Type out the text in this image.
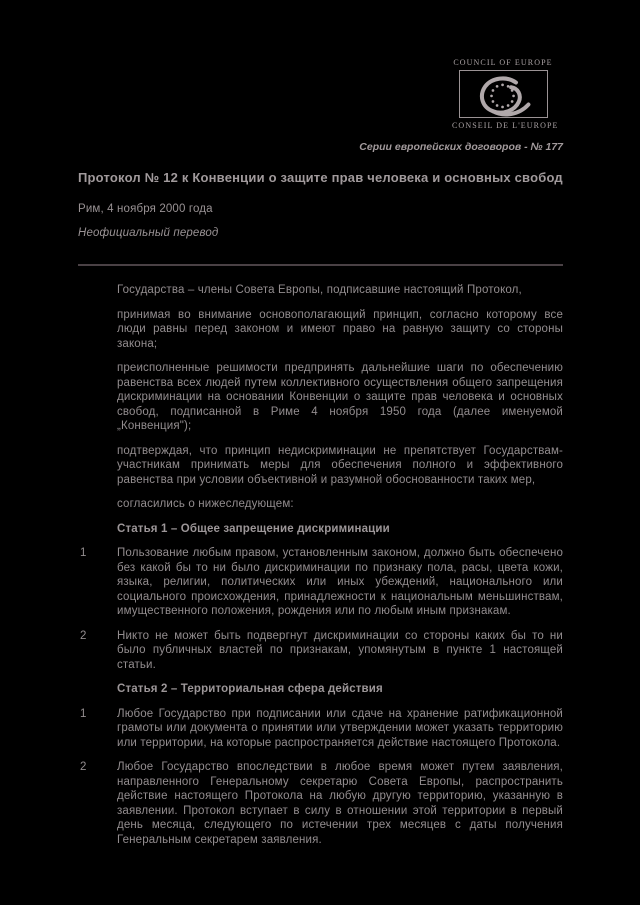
COUNCIL OF EUROPE
CONSEIL DE L'EUROPE
Серии европейских договоров - № 177
Протокол № 12 к Конвенции о защите прав человека и основных свобод
Рим, 4 ноября 2000 года
Неофициальный перевод

Государства – члены Совета Европы, подписавшие настоящий Протокол,

принимая во внимание основополагающий принцип, согласно которому все люди равны перед законом и имеют право на равную защиту со стороны закона;

преисполненные решимости предпринять дальнейшие шаги по обеспечению равенства всех людей путем коллективного осуществления общего запрещения дискриминации на основании Конвенции о защите прав человека и основных свобод, подписанной в Риме 4 ноября 1950 года (далее именуемой „Конвенция");

подтверждая, что принцип недискриминации не препятствует Государствам-участникам принимать меры для обеспечения полного и эффективного равенства при условии объективной и разумной обоснованности таких мер,

согласились о нижеследующем:

Статья 1 – Общее запрещение дискриминации

1	Пользование любым правом, установленным законом, должно быть обеспечено без какой бы то ни было дискриминации по признаку пола, расы, цвета кожи, языка, религии, политических или иных убеждений, национального или социального происхождения, принадлежности к национальным меньшинствам, имущественного положения, рождения или по любым иным признакам.
2	Никто не может быть подвергнут дискриминации со стороны каких бы то ни было публичных властей по признакам, упомянутым в пункте 1 настоящей статьи.

Статья 2 – Территориальная сфера действия

1	Любое Государство при подписании или сдаче на хранение ратификационной грамоты или документа о принятии или утверждении может указать территорию или территории, на которые распространяется действие настоящего Протокола.
2	Любое Государство впоследствии в любое время может путем заявления, направленного Генеральному секретарю Совета Европы, распространить действие настоящего Протокола на любую другую территорию, указанную в заявлении. Протокол вступает в силу в отношении этой территории в первый день месяца, следующего по истечении трех месяцев с даты получения Генеральным секретарем заявления.
